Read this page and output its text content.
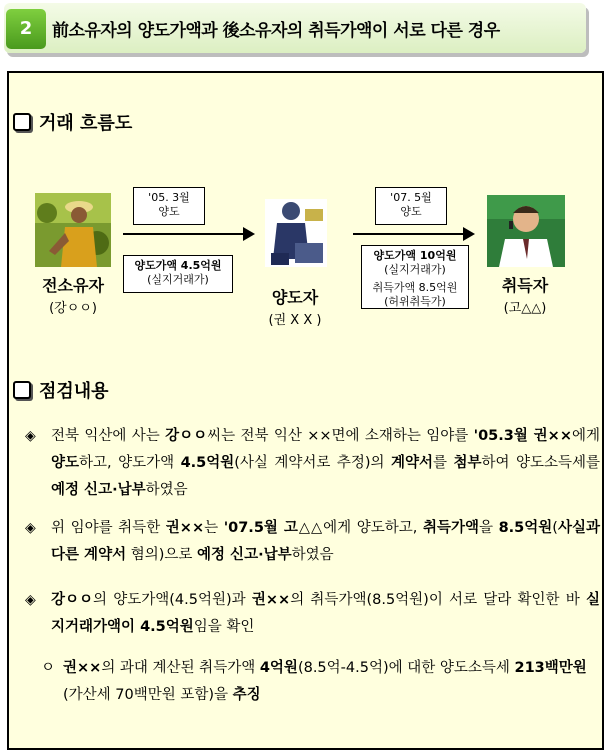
2	前소유자의 양도가액과 後소유자의 취득가액이 서로 다른 경우
거래 흐름도
전소유자
(강ㅇㅇ)
'05. 3월
양도
양도가액 4.5억원
(실지거래가)
양도자
(권 X X )
'07. 5월
양도
양도가액 10억원
(실지거래가)
취득가액 8.5억원
(허위취득가)
취득자
(고△△)
점검내용
◈	전북 익산에 사는 강ㅇㅇ씨는 전북 익산 ××면에 소재하는 임야를 '05.3월 권××에게 양도하고, 양도가액 4.5억원(사실 계약서로 추정)의 계약서를 첨부하여 양도소득세를 예정 신고·납부하였음
◈	위 임야를 취득한 권××는 '07.5월 고△△에게 양도하고, 취득가액을 8.5억원(사실과 다른 계약서 혐의)으로 예정 신고·납부하였음
◈	강ㅇㅇ의 양도가액(4.5억원)과 권××의 취득가액(8.5억원)이 서로 달라 확인한 바 실지거래가액이 4.5억원임을 확인
ㅇ 권××의 과대 계산된 취득가액 4억원(8.5억-4.5억)에 대한 양도소득세 213백만원(가산세 70백만원 포함)을 추징
